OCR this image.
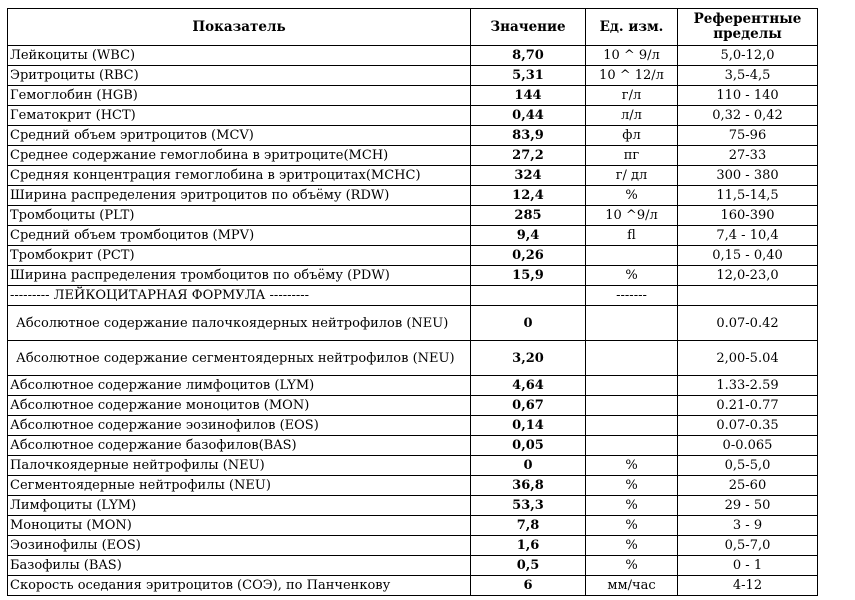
Показатель	Значение	Ед. изм.	Референтные
пределы
Лейкоциты (WBC)	8,70	10 ^ 9/л	5,0-12,0
Эритроциты (RBC)	5,31	10 ^ 12/л	3,5-4,5
Гемоглобин (HGB)	144	г/л	110 - 140
Гематокрит (HCT)	0,44	л/л	0,32 - 0,42
Средний объем эритроцитов (MCV)	83,9	фл	75-96
Среднее содержание гемоглобина в эритроците(MCH)	27,2	пг	27-33
Средняя концентрация гемоглобина в эритроцитах(MCHC)	324	г/ дл	300 - 380
Ширина распределения эритроцитов по объёму (RDW)	12,4	%	11,5-14,5
Тромбоциты (PLT)	285	10 ^9/л	160-390
Средний объем тромбоцитов (MPV)	9,4	fl	7,4 - 10,4
Тромбокрит (PCT)	0,26		0,15 - 0,40
Ширина распределения тромбоцитов по объёму (PDW)	15,9	%	12,0-23,0
--------- ЛЕЙКОЦИТАРНАЯ ФОРМУЛА ---------		-------	
Абсолютное содержание палочкоядерных нейтрофилов (NEU)	0		0.07-0.42
Абсолютное содержание сегментоядерных нейтрофилов (NEU)	3,20		2,00-5.04
Абсолютное содержание лимфоцитов (LYM)	4,64		1.33-2.59
Абсолютное содержание моноцитов (MON)	0,67		0.21-0.77
Абсолютное содержание эозинофилов (EOS)	0,14		0.07-0.35
Абсолютное содержание базофилов(BAS)	0,05		0-0.065
Палочкоядерные нейтрофилы (NEU)	0	%	0,5-5,0
Сегментоядерные нейтрофилы (NEU)	36,8	%	25-60
Лимфоциты (LYM)	53,3	%	29 - 50
Моноциты (MON)	7,8	%	3 - 9
Эозинофилы (EOS)	1,6	%	0,5-7,0
Базофилы (BAS)	0,5	%	0 - 1
Скорость оседания эритроцитов (СОЭ), по Панченкову	6	мм/час	4-12
